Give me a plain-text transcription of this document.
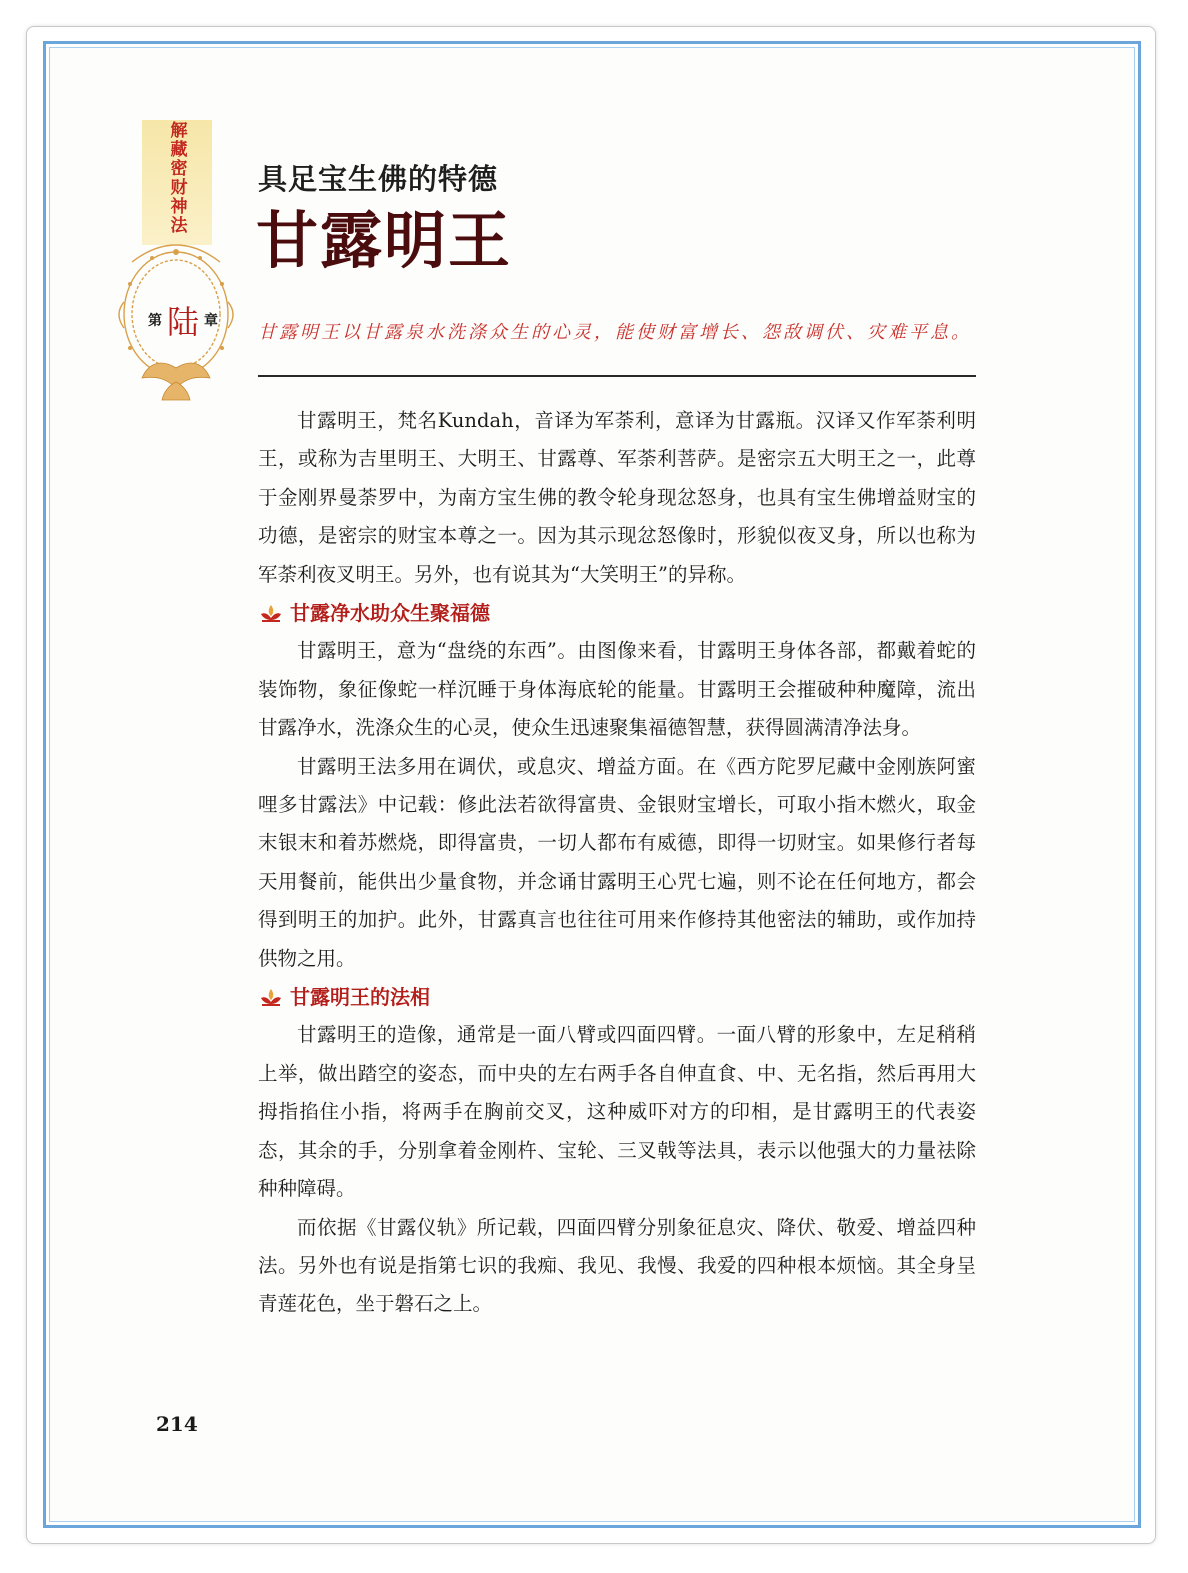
解藏密财神法
第 陆 章
具足宝生佛的特德
甘露明王
甘露明王以甘露泉水洗涤众生的心灵，能使财富增长、怨敌调伏、灾难平息。

甘露明王，梵名Kundah，音译为军荼利，意译为甘露瓶。汉译又作军荼利明王，或称为吉里明王、大明王、甘露尊、军荼利菩萨。是密宗五大明王之一，此尊于金刚界曼荼罗中，为南方宝生佛的教令轮身现忿怒身，也具有宝生佛增益财宝的功德，是密宗的财宝本尊之一。因为其示现忿怒像时，形貌似夜叉身，所以也称为军荼利夜叉明王。另外，也有说其为“大笑明王”的异称。

甘露净水助众生聚福德

甘露明王，意为“盘绕的东西”。由图像来看，甘露明王身体各部，都戴着蛇的装饰物，象征像蛇一样沉睡于身体海底轮的能量。甘露明王会摧破种种魔障，流出甘露净水，洗涤众生的心灵，使众生迅速聚集福德智慧，获得圆满清净法身。

甘露明王法多用在调伏，或息灾、增益方面。在《西方陀罗尼藏中金刚族阿蜜哩多甘露法》中记载：修此法若欲得富贵、金银财宝增长，可取小指木燃火，取金末银末和着苏燃烧，即得富贵，一切人都布有威德，即得一切财宝。如果修行者每天用餐前，能供出少量食物，并念诵甘露明王心咒七遍，则不论在任何地方，都会得到明王的加护。此外，甘露真言也往往可用来作修持其他密法的辅助，或作加持供物之用。

甘露明王的法相

甘露明王的造像，通常是一面八臂或四面四臂。一面八臂的形象中，左足稍稍上举，做出踏空的姿态，而中央的左右两手各自伸直食、中、无名指，然后再用大拇指掐住小指，将两手在胸前交叉，这种威吓对方的印相，是甘露明王的代表姿态，其余的手，分别拿着金刚杵、宝轮、三叉戟等法具，表示以他强大的力量祛除种种障碍。

而依据《甘露仪轨》所记载，四面四臂分别象征息灾、降伏、敬爱、增益四种法。另外也有说是指第七识的我痴、我见、我慢、我爱的四种根本烦恼。其全身呈青莲花色，坐于磐石之上。

214
